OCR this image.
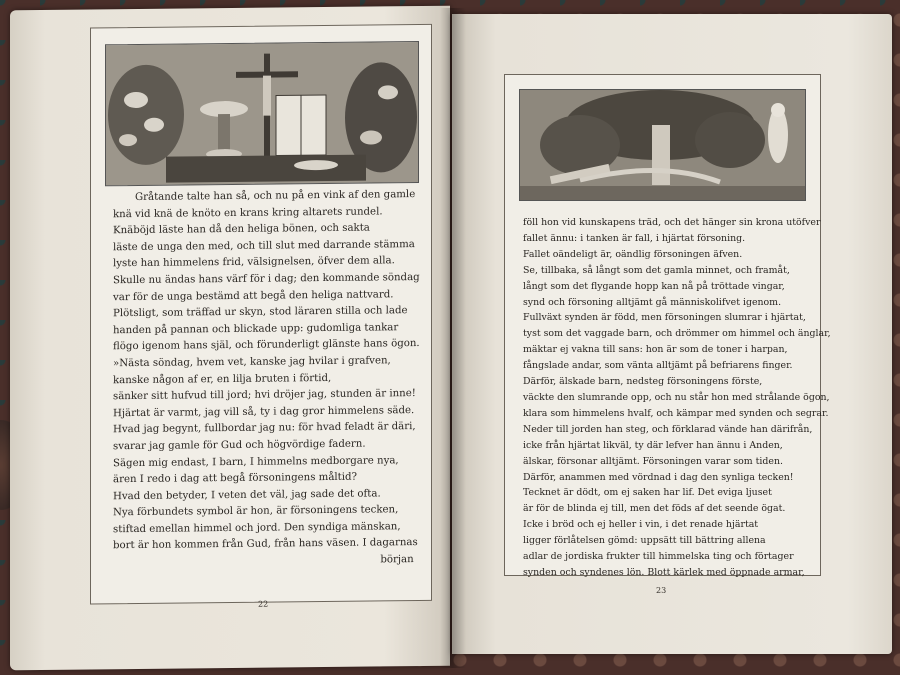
Gråtande talte han så, och nu på en vink af den gamle
knä vid knä de knöto en krans kring altarets rundel.
Knäböjd läste han då den heliga bönen, och sakta
läste de unga den med, och till slut med darrande stämma
lyste han himmelens frid, välsignelsen, öfver dem alla.
Skulle nu ändas hans värf för i dag; den kommande söndag
var för de unga bestämd att begå den heliga nattvard.
Plötsligt, som träffad ur skyn, stod läraren stilla och lade
handen på pannan och blickade upp: gudomliga tankar
flögo igenom hans själ, och förunderligt glänste hans ögon.
»Nästa söndag, hvem vet, kanske jag hvilar i grafven,
kanske någon af er, en lilja bruten i förtid,
sänker sitt hufvud till jord; hvi dröjer jag, stunden är inne!
Hjärtat är varmt, jag vill så, ty i dag gror himmelens säde.
Hvad jag begynt, fullbordar jag nu: för hvad feladt är däri,
svarar jag gamle för Gud och högvördige fadern.
Sägen mig endast, I barn, I himmelns medborgare nya,
ären I redo i dag att begå försoningens måltid?
Hvad den betyder, I veten det väl, jag sade det ofta.
Nya förbundets symbol är hon, är försoningens tecken,
stiftad emellan himmel och jord. Den syndiga mänskan,
bort är hon kommen från Gud, från hans väsen. I dagarnas
början
22
föll hon vid kunskapens träd, och det hänger sin krona utöfver
fallet ännu: i tanken är fall, i hjärtat försoning.
Fallet oändeligt är, oändlig försoningen äfven.
Se, tillbaka, så långt som det gamla minnet, och framåt,
långt som det flygande hopp kan nå på tröttade vingar,
synd och försoning alltjämt gå människolifvet igenom.
Fullväxt synden är född, men försoningen slumrar i hjärtat,
tyst som det vaggade barn, och drömmer om himmel och änglar,
mäktar ej vakna till sans: hon är som de toner i harpan,
fångslade andar, som vänta alltjämt på befriarens finger.
Därför, älskade barn, nedsteg försoningens förste,
väckte den slumrande opp, och nu står hon med strålande ögon,
klara som himmelens hvalf, och kämpar med synden och segrar.
Neder till jorden han steg, och förklarad vände han därifrån,
icke från hjärtat likväl, ty där lefver han ännu i Anden,
älskar, försonar alltjämt. Försoningen varar som tiden.
Därför, anammen med vördnad i dag den synliga tecken!
Tecknet är dödt, om ej saken har lif. Det eviga ljuset
är för de blinda ej till, men det föds af det seende ögat.
Icke i bröd och ej heller i vin, i det renade hjärtat
ligger förlåtelsen gömd: uppsätt till bättring allena
adlar de jordiska frukter till himmelska ting och förtager
synden och syndenes lön. Blott kärlek med öppnade armar,
23
